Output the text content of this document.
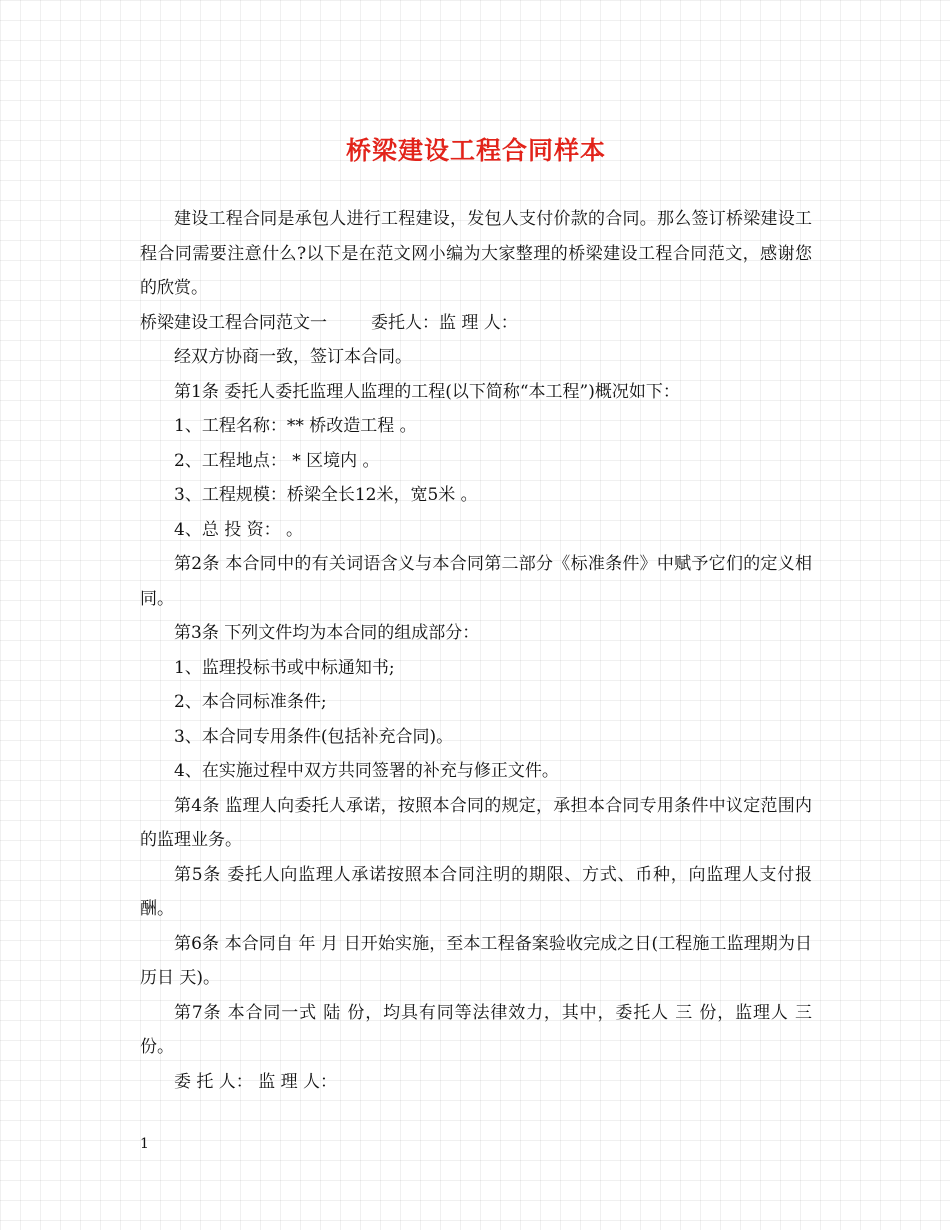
桥梁建设工程合同样本

建设工程合同是承包人进行工程建设，发包人支付价款的合同。那么签订桥梁建设工程合同需要注意什么?以下是在范文网小编为大家整理的桥梁建设工程合同范文，感谢您的欣赏。

桥梁建设工程合同范文一	委托人：监 理 人：

经双方协商一致，签订本合同。

第1条 委托人委托监理人监理的工程(以下简称“本工程”)概况如下：

1、工程名称：** 桥改造工程 。

2、工程地点： * 区境内 。

3、工程规模：桥梁全长12米，宽5米 。

4、总 投 资： 。

第2条 本合同中的有关词语含义与本合同第二部分《标准条件》中赋予它们的定义相同。

第3条 下列文件均为本合同的组成部分：

1、监理投标书或中标通知书;

2、本合同标准条件;

3、本合同专用条件(包括补充合同)。

4、在实施过程中双方共同签署的补充与修正文件。

第4条 监理人向委托人承诺，按照本合同的规定，承担本合同专用条件中议定范围内的监理业务。

第5条 委托人向监理人承诺按照本合同注明的期限、方式、币种，向监理人支付报酬。

第6条 本合同自 年 月 日开始实施，至本工程备案验收完成之日(工程施工监理期为日历日 天)。

第7条 本合同一式 陆 份，均具有同等法律效力，其中，委托人 三 份，监理人 三 份。

委 托 人： 监 理 人：

1
